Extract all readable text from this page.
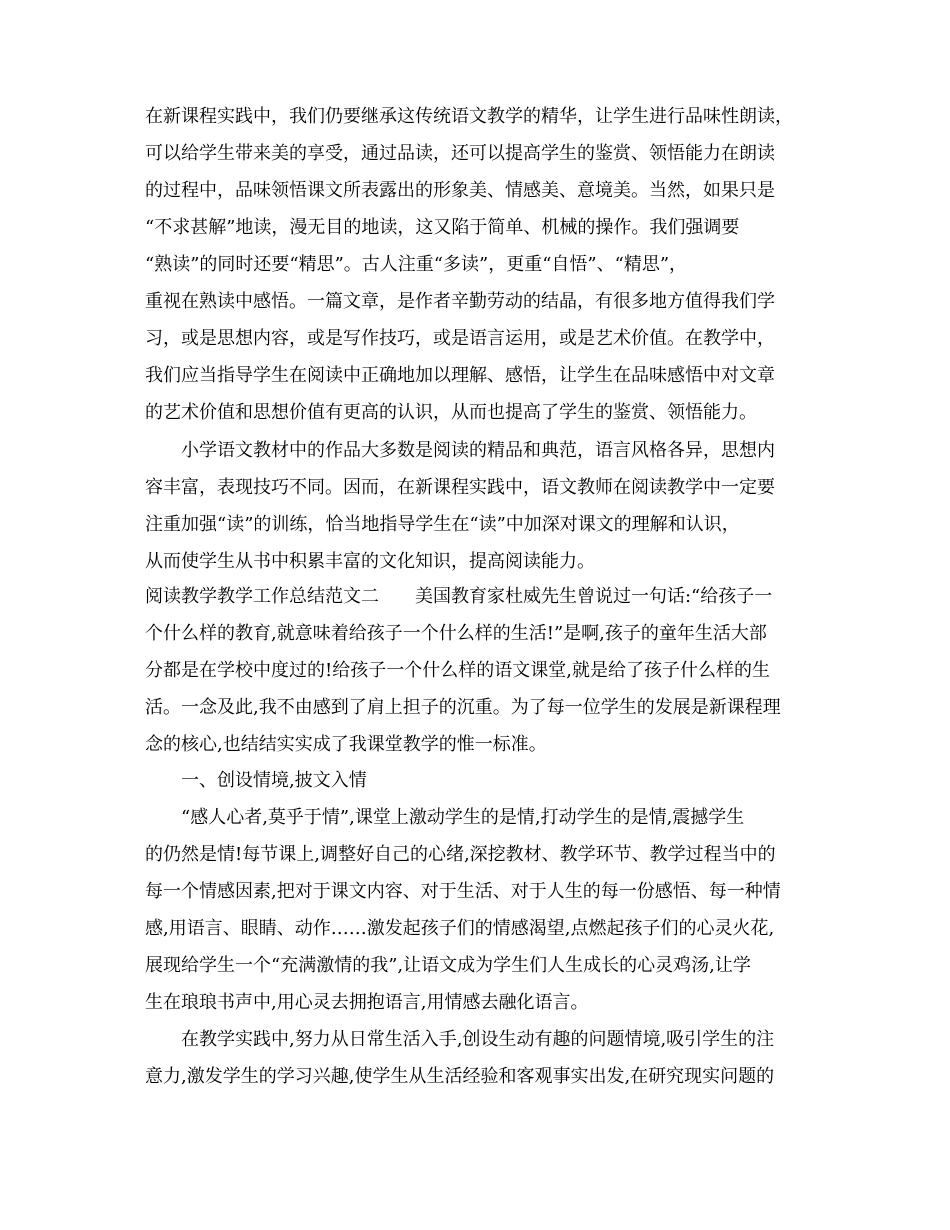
在新课程实践中，我们仍要继承这传统语文教学的精华，让学生进行品味性朗读，
可以给学生带来美的享受，通过品读，还可以提高学生的鉴赏、领悟能力在朗读
的过程中，品味领悟课文所表露出的形象美、情感美、意境美。当然，如果只是
“不求甚解”地读，漫无目的地读，这又陷于简单、机械的操作。我们强调要
“熟读”的同时还要“精思”。古人注重“多读”，更重“自悟”、“精思”，
重视在熟读中感悟。一篇文章，是作者辛勤劳动的结晶，有很多地方值得我们学
习，或是思想内容，或是写作技巧，或是语言运用，或是艺术价值。在教学中，
我们应当指导学生在阅读中正确地加以理解、感悟，让学生在品味感悟中对文章
的艺术价值和思想价值有更高的认识，从而也提高了学生的鉴赏、领悟能力。
　　小学语文教材中的作品大多数是阅读的精品和典范，语言风格各异，思想内
容丰富，表现技巧不同。因而，在新课程实践中，语文教师在阅读教学中一定要
注重加强“读”的训练，恰当地指导学生在“读”中加深对课文的理解和认识，
从而使学生从书中积累丰富的文化知识，提高阅读能力。
阅读教学教学工作总结范文二　　美国教育家杜威先生曾说过一句话:“给孩子一
个什么样的教育,就意味着给孩子一个什么样的生活!”是啊,孩子的童年生活大部
分都是在学校中度过的!给孩子一个什么样的语文课堂,就是给了孩子什么样的生
活。一念及此,我不由感到了肩上担子的沉重。为了每一位学生的发展是新课程理
念的核心,也结结实实成了我课堂教学的惟一标准。
　　一、创设情境,披文入情
　　“感人心者,莫乎于情”,课堂上激动学生的是情,打动学生的是情,震撼学生
的仍然是情!每节课上,调整好自己的心绪,深挖教材、教学环节、教学过程当中的
每一个情感因素,把对于课文内容、对于生活、对于人生的每一份感悟、每一种情
感,用语言、眼睛、动作……激发起孩子们的情感渴望,点燃起孩子们的心灵火花,
展现给学生一个“充满激情的我”,让语文成为学生们人生成长的心灵鸡汤,让学
生在琅琅书声中,用心灵去拥抱语言,用情感去融化语言。
　　在教学实践中,努力从日常生活入手,创设生动有趣的问题情境,吸引学生的注
意力,激发学生的学习兴趣,使学生从生活经验和客观事实出发,在研究现实问题的
